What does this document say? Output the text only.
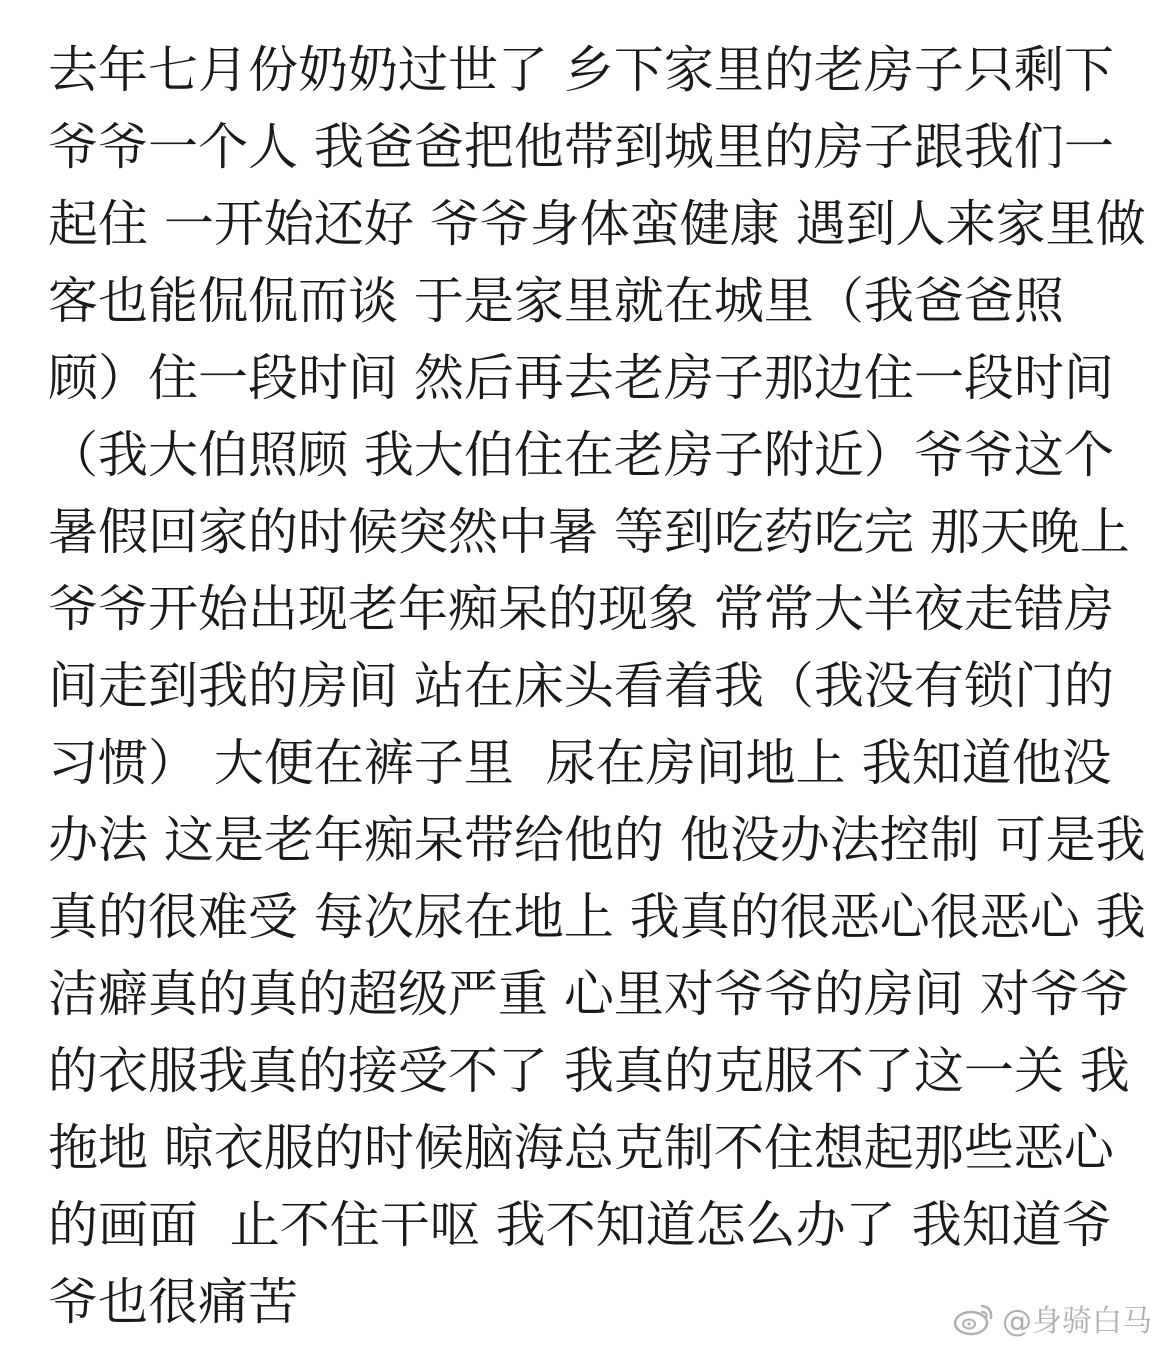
去年七月份奶奶过世了 乡下家里的老房子只剩下
爷爷一个人 我爸爸把他带到城里的房子跟我们一
起住 一开始还好 爷爷身体蛮健康 遇到人来家里做
客也能侃侃而谈 于是家里就在城里（我爸爸照
顾）住一段时间 然后再去老房子那边住一段时间
（我大伯照顾 我大伯住在老房子附近）爷爷这个
暑假回家的时候突然中暑 等到吃药吃完 那天晚上
爷爷开始出现老年痴呆的现象 常常大半夜走错房
间走到我的房间 站在床头看着我（我没有锁门的
习惯） 大便在裤子里  尿在房间地上 我知道他没
办法 这是老年痴呆带给他的 他没办法控制 可是我
真的很难受 每次尿在地上 我真的很恶心很恶心 我
洁癖真的真的超级严重 心里对爷爷的房间 对爷爷
的衣服我真的接受不了 我真的克服不了这一关 我
拖地 晾衣服的时候脑海总克制不住想起那些恶心
的画面  止不住干呕 我不知道怎么办了 我知道爷
爷也很痛苦	@身骑白马
